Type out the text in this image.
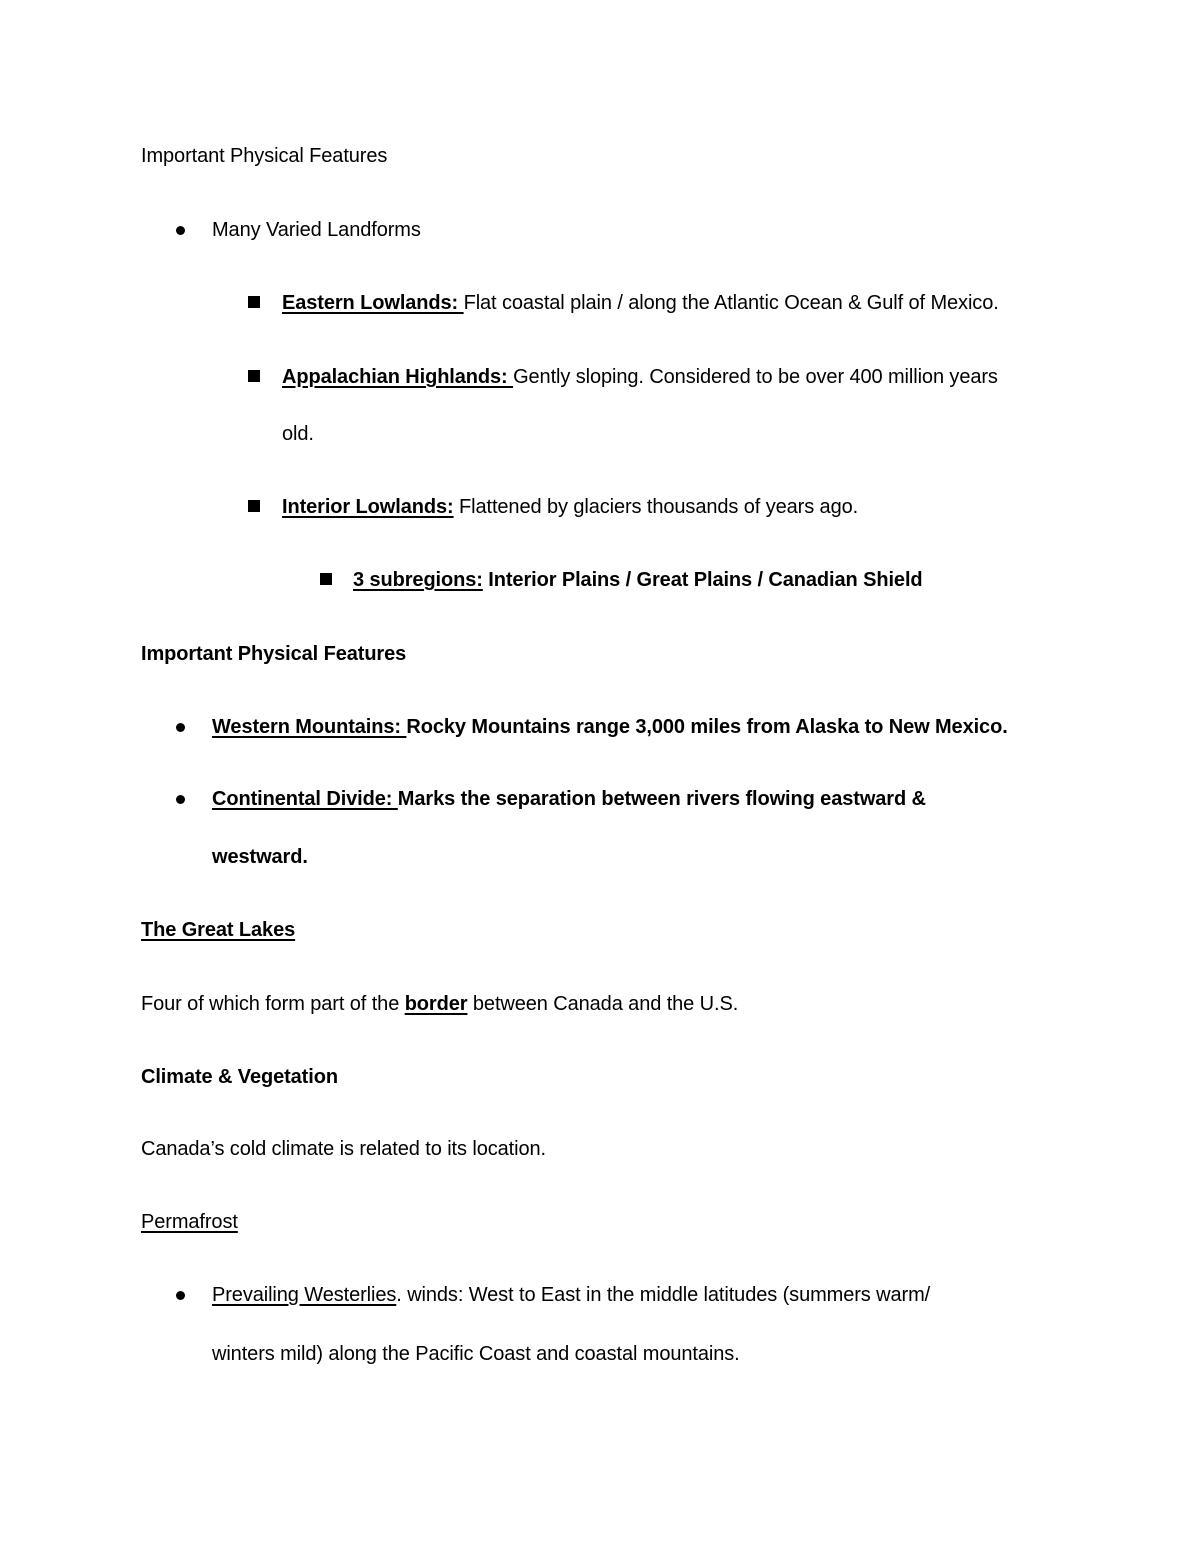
Important Physical Features
Many Varied Landforms
Eastern Lowlands: Flat coastal plain / along the Atlantic Ocean & Gulf of Mexico.
Appalachian Highlands: Gently sloping. Considered to be over 400 million years
old.
Interior Lowlands: Flattened by glaciers thousands of years ago.
3 subregions: Interior Plains / Great Plains / Canadian Shield
Important Physical Features
Western Mountains: Rocky Mountains range 3,000 miles from Alaska to New Mexico.
Continental Divide: Marks the separation between rivers flowing eastward &
westward.
The Great Lakes
Four of which form part of the border between Canada and the U.S.
Climate & Vegetation
Canada’s cold climate is related to its location.
Permafrost
Prevailing Westerlies. winds: West to East in the middle latitudes (summers warm/
winters mild) along the Pacific Coast and coastal mountains.
